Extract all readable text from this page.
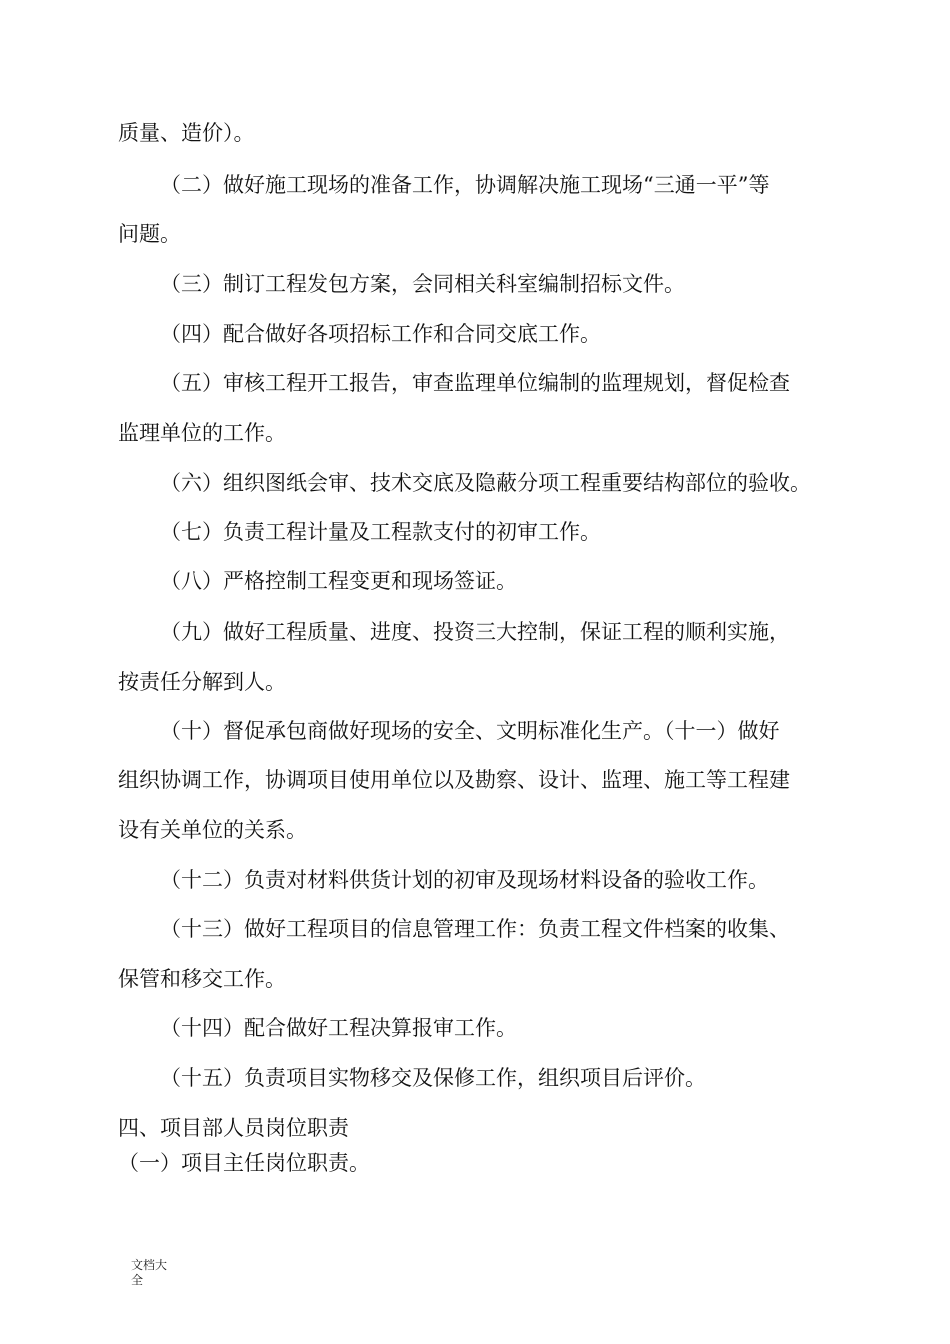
质量、造价）。
（二）做好施工现场的准备工作，协调解决施工现场“三通一平”等
问题。
（三）制订工程发包方案，会同相关科室编制招标文件。
（四）配合做好各项招标工作和合同交底工作。
（五）审核工程开工报告，审查监理单位编制的监理规划，督促检查
监理单位的工作。
（六）组织图纸会审、技术交底及隐蔽分项工程重要结构部位的验收。
（七）负责工程计量及工程款支付的初审工作。
（八）严格控制工程变更和现场签证。
（九）做好工程质量、进度、投资三大控制，保证工程的顺利实施，
按责任分解到人。
（十）督促承包商做好现场的安全、文明标准化生产。（十一）做好
组织协调工作，协调项目使用单位以及勘察、设计、监理、施工等工程建
设有关单位的关系。
（十二）负责对材料供货计划的初审及现场材料设备的验收工作。
（十三）做好工程项目的信息管理工作：负责工程文件档案的收集、
保管和移交工作。
（十四）配合做好工程决算报审工作。
（十五）负责项目实物移交及保修工作，组织项目后评价。
四、项目部人员岗位职责
（一）项目主任岗位职责。
文档大
全
